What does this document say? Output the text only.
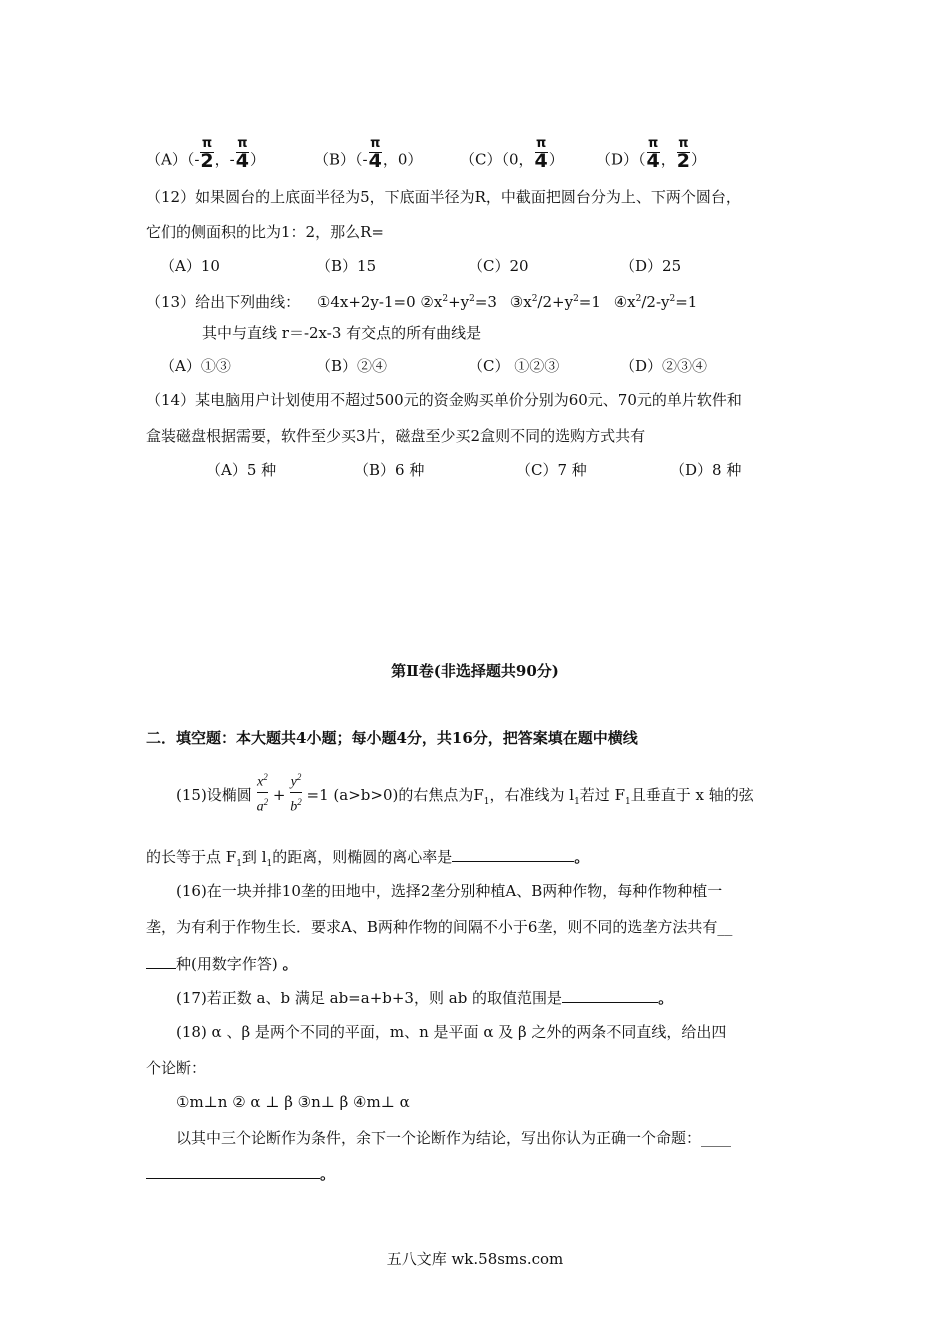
$(A)(- \frac{\pi}{2}$ ，- $\frac{\pi}{4}$ ）	$(B)(- \frac{\pi}{4}$ ，0）	（C）（0， $\frac{\pi}{4}$ ） $(D)( \frac{\pi}{4}$ ， $\frac{\pi}{2}$ ）
（12）如果圆台的上底面半径为5，下底面半径为R，中截面把圆台分为上、下两个圆台，
它们的侧面积的比为1：2，那么R=
（A）10	（B）15	（C）20	（D）25
（13）给出下列曲线： ①4x+2y-1=0 $②x^2+y^2=3$ $③x^2/2+y^2=1$ $④x^2/2-y^2=1$
其中与直线 r＝-2x-3 有交点的所有曲线是
（A）①③	（B）②④	（C） ①②③	（D）②③④
（14）某电脑用户计划使用不超过500元的资金购买单价分别为60元、70元的单片软件和
盒装磁盘根据需要，软件至少买3片，磁盘至少买2盒则不同的选购方式共有
（A）5 种	（B）6 种	（C）7 种	（D）8 种
第Ⅱ卷(非选择题共90分)
二．填空题：本大题共4小题；每小题4分，共16分，把答案填在题中横线
(15)设椭圆 $\frac{x^2}{a^2} + \frac{y^2}{b^2} =1$ (a>b>0)的右焦点为$F_1$，右准线为 $l_1$若过 $F_1$且垂直于 x 轴的弦
的长等于点 $F_1$到 $l_1$的距离，则椭圆的离心率是	。
(16)在一块并排10垄的田地中，选择2垄分别种植A、B两种作物，每种作物种植一
垄，为有利于作物生长．要求A、B两种作物的间隔不小于6垄，则不同的选垄方法共有__
种(用数字作答) 。
(17)若正数 a、b 满足 ab=a+b+3，则 ab 的取值范围是	。
(18) α 、β 是两个不同的平面，m、n 是平面 α 及 β 之外的两条不同直线，给出四
个论断：
①m⊥n ② α ⊥ β ③n⊥ β ④m⊥ α
以其中三个论断作为条件，余下一个论断作为结论，写出你认为正确一个命题：____
。
五八文库 wk.58sms.com
